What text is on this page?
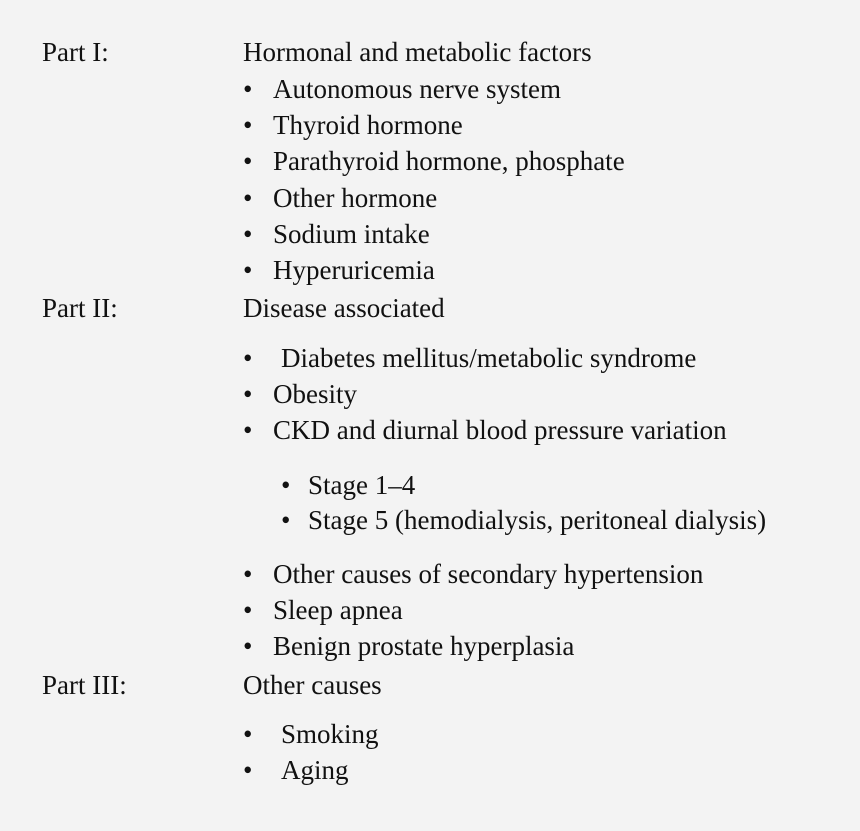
Part I:	Hormonal and metabolic factors
• Autonomous nerve system
• Thyroid hormone
• Parathyroid hormone, phosphate
• Other hormone
• Sodium intake
• Hyperuricemia
Part II:	Disease associated
• Diabetes mellitus/metabolic syndrome
• Obesity
• CKD and diurnal blood pressure variation
• Stage 1–4
• Stage 5 (hemodialysis, peritoneal dialysis)
• Other causes of secondary hypertension
• Sleep apnea
• Benign prostate hyperplasia
Part III:	Other causes
• Smoking
• Aging
